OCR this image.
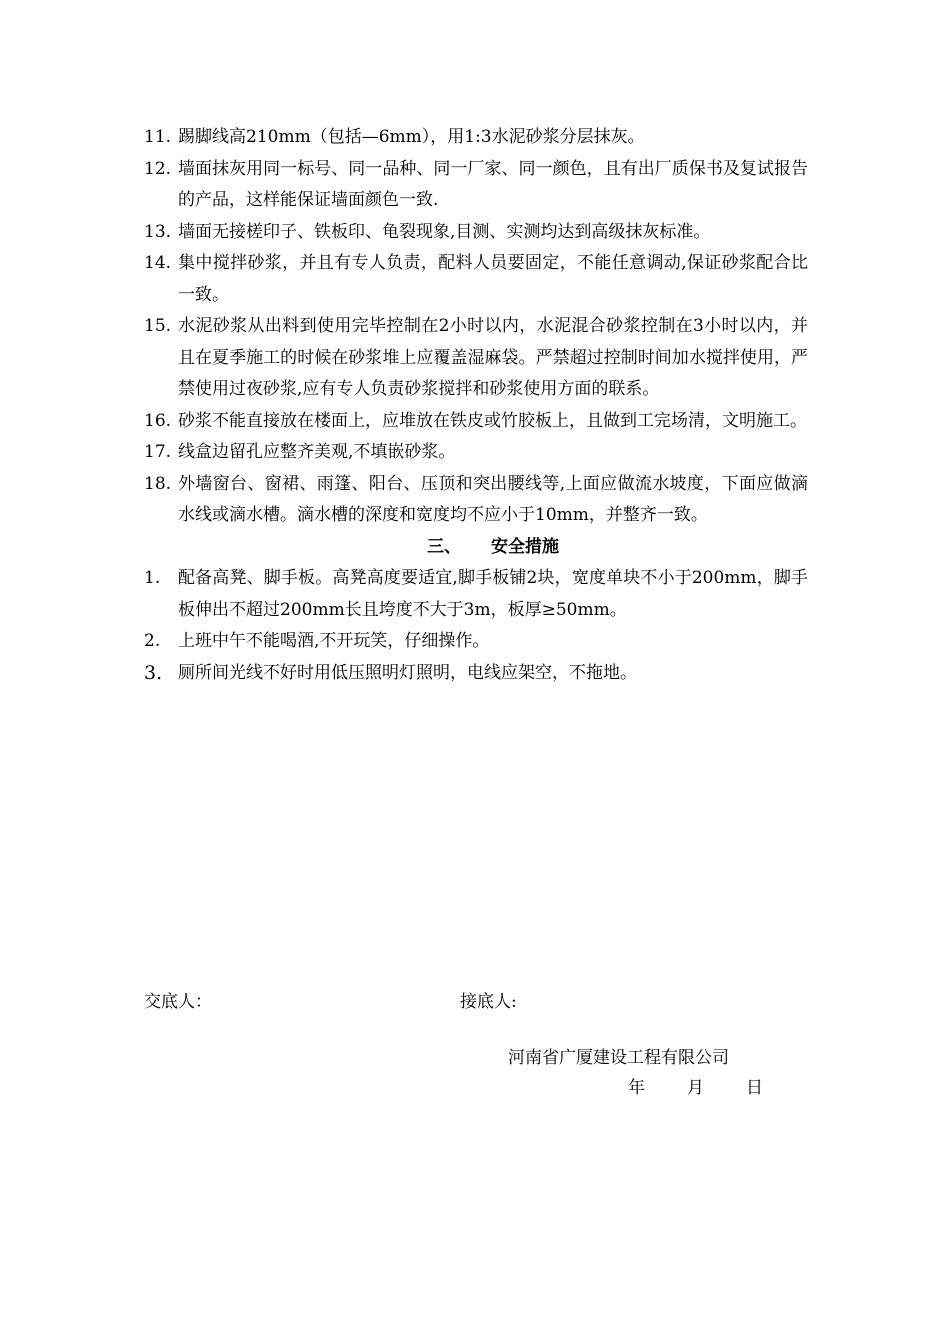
11. 踢脚线高210mm（包括—6mm），用1:3水泥砂浆分层抹灰。
12. 墙面抹灰用同一标号、同一品种、同一厂家、同一颜色，且有出厂质保书及复试报告的产品，这样能保证墙面颜色一致.
13. 墙面无接槎印子、铁板印、龟裂现象,目测、实测均达到高级抹灰标准。
14. 集中搅拌砂浆，并且有专人负责，配料人员要固定，不能任意调动,保证砂浆配合比一致。
15. 水泥砂浆从出料到使用完毕控制在2小时以内，水泥混合砂浆控制在3小时以内，并且在夏季施工的时候在砂浆堆上应覆盖湿麻袋。严禁超过控制时间加水搅拌使用，严禁使用过夜砂浆,应有专人负责砂浆搅拌和砂浆使用方面的联系。
16. 砂浆不能直接放在楼面上，应堆放在铁皮或竹胶板上，且做到工完场清，文明施工。
17. 线盒边留孔应整齐美观,不填嵌砂浆。
18. 外墙窗台、窗裙、雨篷、阳台、压顶和突出腰线等,上面应做流水坡度，下面应做滴水线或滴水槽。滴水槽的深度和宽度均不应小于10mm，并整齐一致。
三、 安全措施
1.	配备高凳、脚手板。高凳高度要适宜,脚手板铺2块，宽度单块不小于200mm，脚手板伸出不超过200mm长且垮度不大于3m，板厚≥50mm。
2.	上班中午不能喝酒,不开玩笑，仔细操作。
3. 厕所间光线不好时用低压照明灯照明，电线应架空，不拖地。
交底人：	接底人:
河南省广厦建设工程有限公司
年 月 日
